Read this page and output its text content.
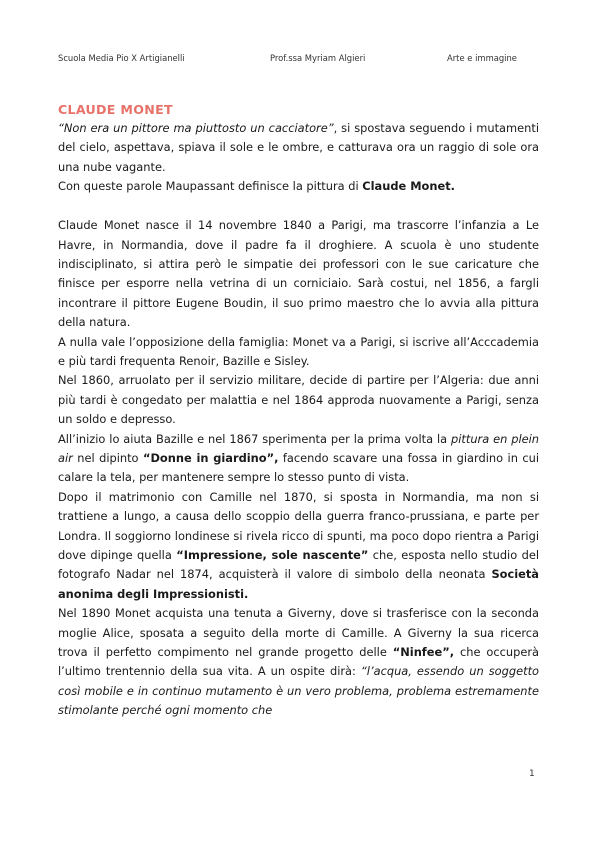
Scuola Media Pio X Artigianelli	Prof.ssa Myriam Algieri	Arte e immagine
CLAUDE MONET

“Non era un pittore ma piuttosto un cacciatore”, si spostava seguendo i mutamenti del cielo, aspettava, spiava il sole e le ombre, e catturava ora un raggio di sole ora una nube vagante.

Con queste parole Maupassant definisce la pittura di Claude Monet.

Claude Monet nasce il 14 novembre 1840 a Parigi, ma trascorre l’infanzia a Le Havre, in Normandia, dove il padre fa il droghiere. A scuola è uno studente indisciplinato, si attira però le simpatie dei professori con le sue caricature che finisce per esporre nella vetrina di un corniciaio. Sarà costui, nel 1856, a fargli incontrare il pittore Eugene Boudin, il suo primo maestro che lo avvia alla pittura della natura.

A nulla vale l’opposizione della famiglia: Monet va a Parigi, si iscrive all’Acccademia e più tardi frequenta Renoir, Bazille e Sisley.

Nel 1860, arruolato per il servizio militare, decide di partire per l’Algeria: due anni più tardi è congedato per malattia e nel 1864 approda nuovamente a Parigi, senza un soldo e depresso.

All’inizio lo aiuta Bazille e nel 1867 sperimenta per la prima volta la pittura en plein air nel dipinto “Donne in giardino”, facendo scavare una fossa in giardino in cui calare la tela, per mantenere sempre lo stesso punto di vista.

Dopo il matrimonio con Camille nel 1870, si sposta in Normandia, ma non si trattiene a lungo, a causa dello scoppio della guerra franco-prussiana, e parte per Londra. Il soggiorno londinese si rivela ricco di spunti, ma poco dopo rientra a Parigi dove dipinge quella “Impressione, sole nascente” che, esposta nello studio del fotografo Nadar nel 1874, acquisterà il valore di simbolo della neonata Società anonima degli Impressionisti.

Nel 1890 Monet acquista una tenuta a Giverny, dove si trasferisce con la seconda moglie Alice, sposata a seguito della morte di Camille. A Giverny la sua ricerca trova il perfetto compimento nel grande progetto delle “Ninfee”, che occuperà l’ultimo trentennio della sua vita. A un ospite dirà: “l’acqua, essendo un soggetto così mobile e in continuo mutamento è un vero problema, problema estremamente stimolante perché ogni momento che

1
